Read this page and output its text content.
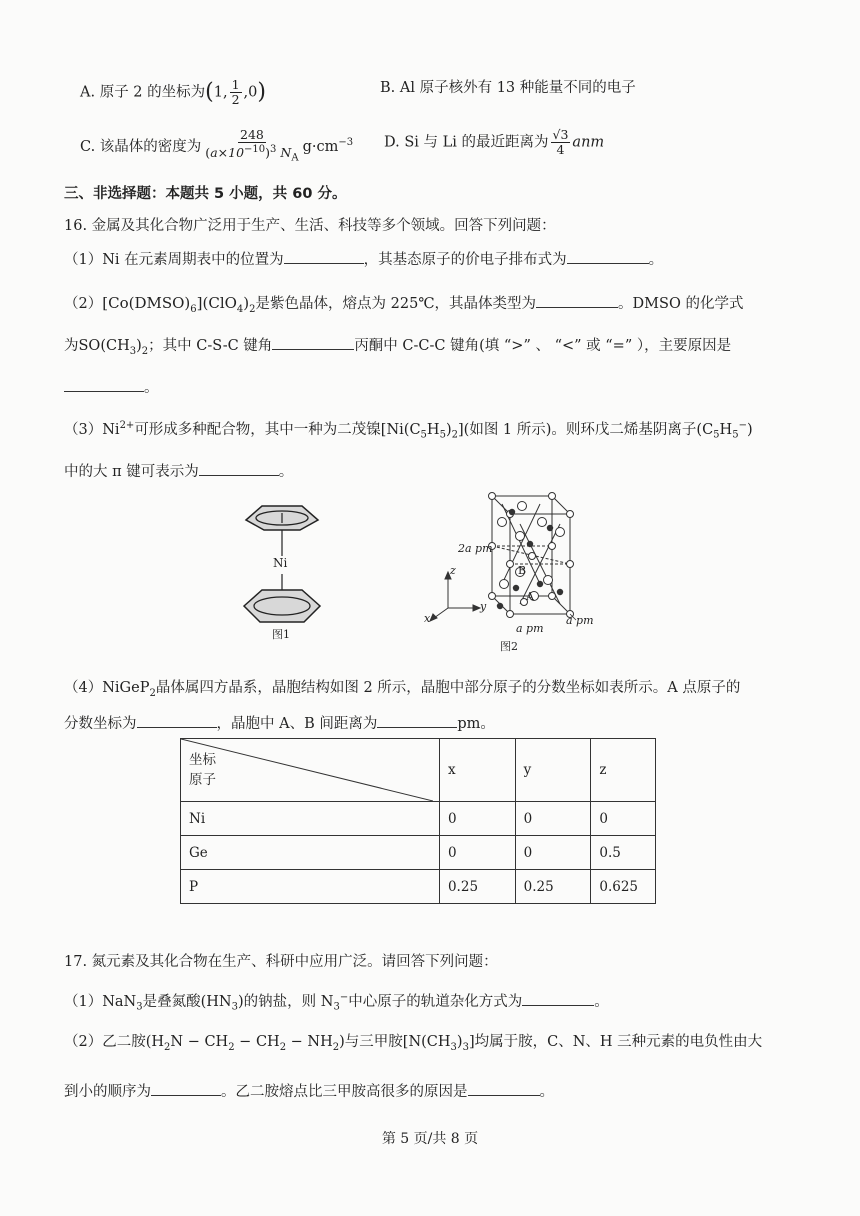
A. 原子 2 的坐标为(1, $\frac{1}{2} ,0$)	B. Al 原子核外有 13 种能量不同的电子
C. 该晶体的密度为 $\frac{248}{(a\times 10^{-10})^3 N_A} g\cdot cm^{-3}$ D. Si 与 Li 的最近距离为 $\frac{√3}{4}$ anm
三、非选择题：本题共 5 小题，共 60 分。
16. 金属及其化合物广泛用于生产、生活、科技等多个领域。回答下列问题：
（1）Ni 在元素周期表中的位置为	，其基态原子的价电子排布式为	。
$(2)[Co(DMSO)_6](ClO_4)_2$是紫色晶体，熔点为 225℃，其晶体类型为	。DMSO 的化学式
为$SO(CH_3)_2$；其中 C-S-C 键角	丙酮中 C-C-C 键角(填 “>” 、 “<” 或 “=” ），主要原因是
。
$(3)Ni^{2+}$可形成多种配合物，其中一种为二茂镍$[Ni(C_5H_5)_2]$(如图 1 所示)。则环戊二烯基阴离子$(C_5H_5^-)$
中的大 π 键可表示为	。
Ni
图1
2a pm
z
y
x
B
A
a pm
a pm
图2
（4）NiGeP$_2$晶体属四方晶系，晶胞结构如图 2 所示，晶胞中部分原子的分数坐标如表所示。A 点原子的
分数坐标为	，晶胞中 A、B 间距离为	pm。
坐标
原子	x	y	z
Ni	0	0	0
Ge	0	0	0.5
P	0.25	0.25	0.625
17. 氮元素及其化合物在生产、科研中应用广泛。请回答下列问题：
（1）NaN$_3$是叠氮酸$(HN_3)$的钠盐，则 $N_3^-$中心原子的轨道杂化方式为	。
（2）乙二胺$(H_2N - CH_2 - CH_2 - NH_2)$与三甲胺$[N(CH_3)_3]$均属于胺，C、N、H 三种元素的电负性由大
到小的顺序为	。乙二胺熔点比三甲胺高很多的原因是	。
第 5 页/共 8 页
